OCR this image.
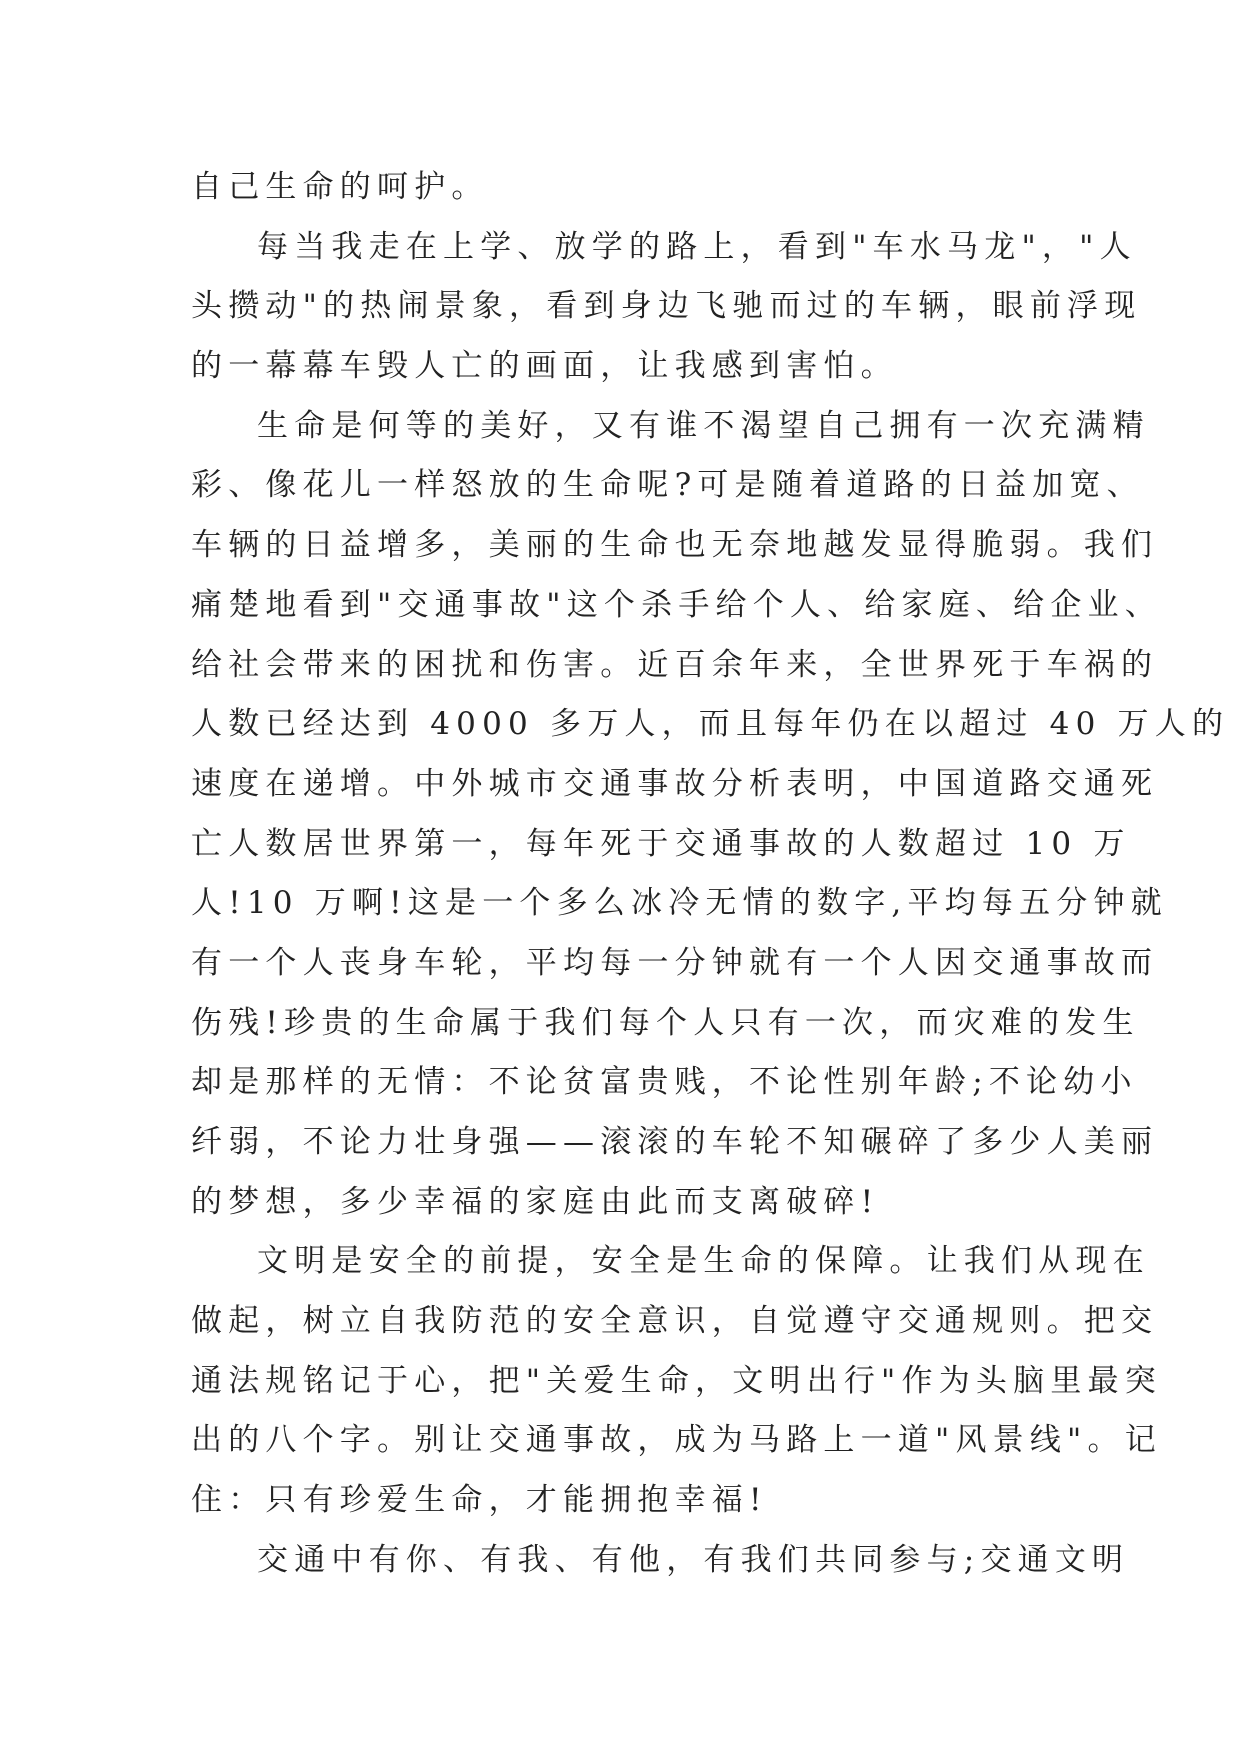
自己生命的呵护。
每当我走在上学、放学的路上，看到"车水马龙"，"人
头攒动"的热闹景象，看到身边飞驰而过的车辆，眼前浮现
的一幕幕车毁人亡的画面，让我感到害怕。
生命是何等的美好，又有谁不渴望自己拥有一次充满精
彩、像花儿一样怒放的生命呢?可是随着道路的日益加宽、
车辆的日益增多，美丽的生命也无奈地越发显得脆弱。我们
痛楚地看到"交通事故"这个杀手给个人、给家庭、给企业、
给社会带来的困扰和伤害。近百余年来，全世界死于车祸的
人数已经达到 4000 多万人，而且每年仍在以超过 40 万人的
速度在递增。中外城市交通事故分析表明，中国道路交通死
亡人数居世界第一，每年死于交通事故的人数超过 10 万
人!10 万啊!这是一个多么冰冷无情的数字,平均每五分钟就
有一个人丧身车轮，平均每一分钟就有一个人因交通事故而
伤残!珍贵的生命属于我们每个人只有一次，而灾难的发生
却是那样的无情：不论贫富贵贱，不论性别年龄;不论幼小
纤弱，不论力壮身强——滚滚的车轮不知碾碎了多少人美丽
的梦想，多少幸福的家庭由此而支离破碎!
文明是安全的前提，安全是生命的保障。让我们从现在
做起，树立自我防范的安全意识，自觉遵守交通规则。把交
通法规铭记于心，把"关爱生命，文明出行"作为头脑里最突
出的八个字。别让交通事故，成为马路上一道"风景线"。记
住：只有珍爱生命，才能拥抱幸福!
交通中有你、有我、有他，有我们共同参与;交通文明
